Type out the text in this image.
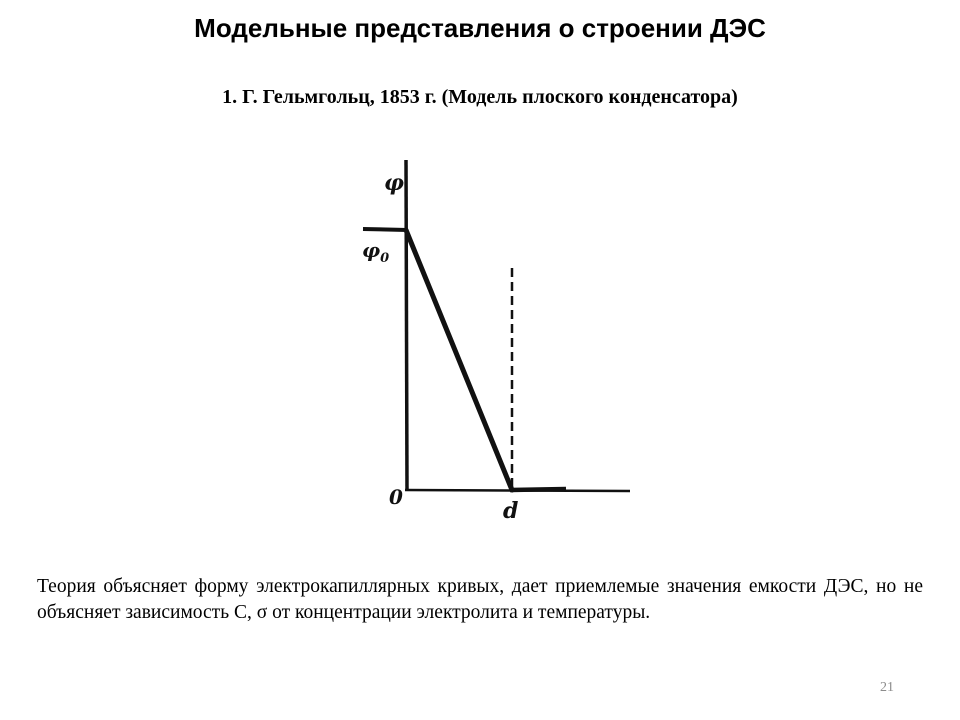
Модельные представления о строении ДЭС
1. Г. Гельмгольц, 1853 г. (Модель плоского конденсатора)
φ
$\varphi_0$
0
d
Теория объясняет форму электрокапиллярных кривых, дает приемлемые значения емкости ДЭС, но не объясняет зависимость С, σ от концентрации электролита и температуры.
21
